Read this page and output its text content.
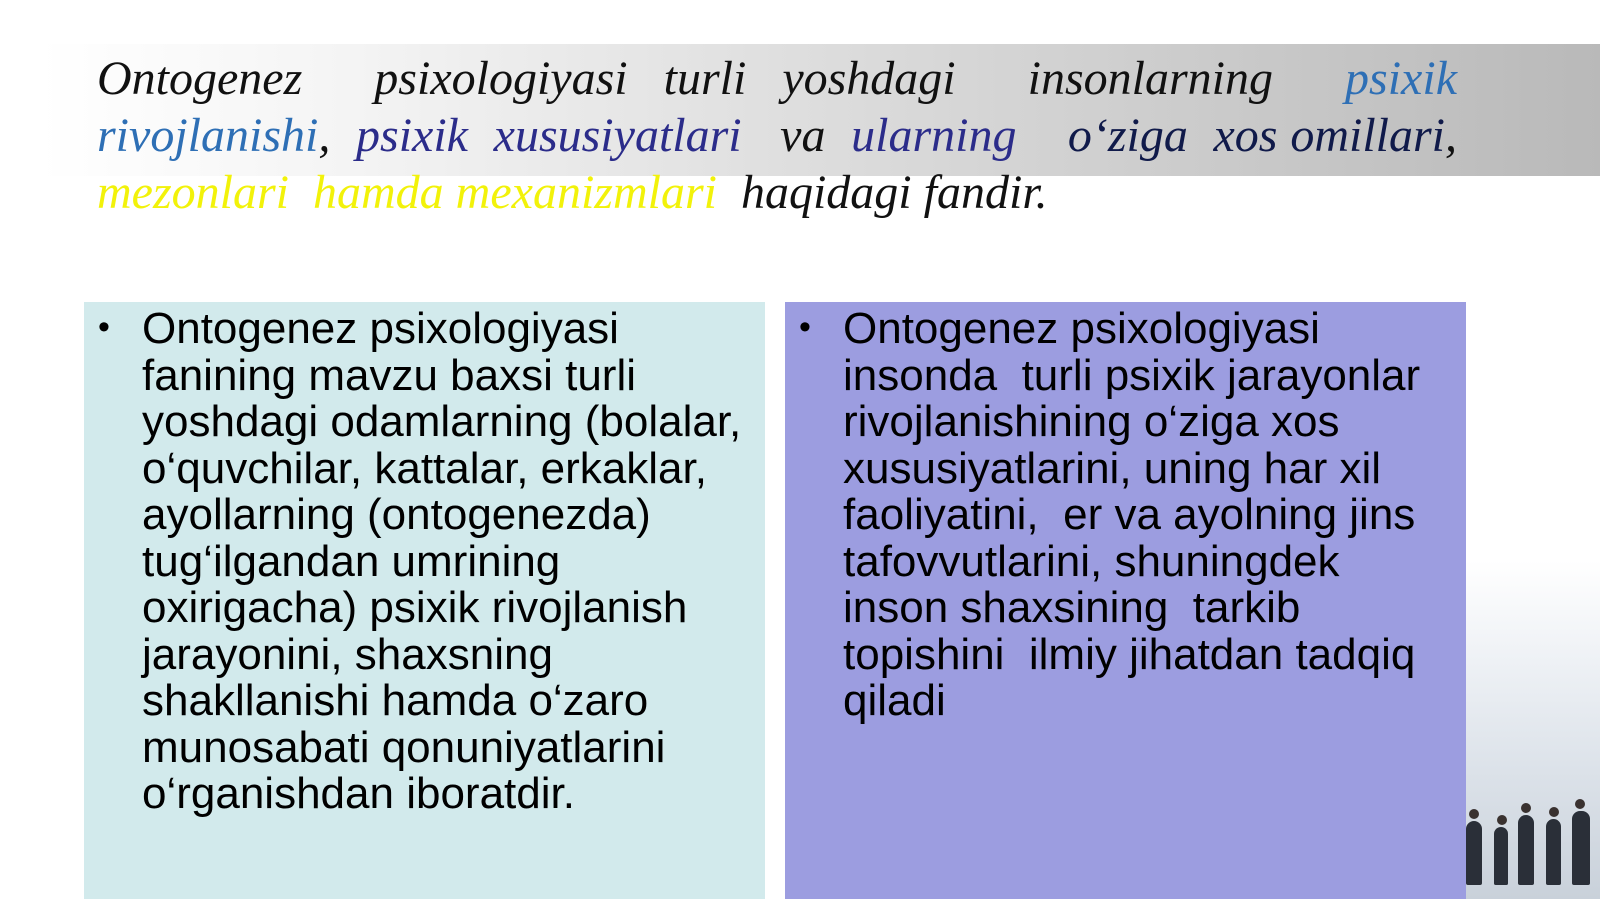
Ontogenez  psixologiyasi turli yoshdagi  insonlarning  psixik rivojlanishi,  psixik  xususiyatlari   va  ularning o‘ziga  xos omillari, mezonlari  hamda mexanizmlari  haqidagi fandir.

• Ontogenez psixologiyasi fanining mavzu baxsi turli yoshdagi odamlarning (bolalar, o‘quvchilar, kattalar, erkaklar, ayollarning (ontogenezda) tug‘ilgandan umrining oxirigacha) psixik rivojlanish jarayonini, shaxsning shakllanishi hamda o‘zaro munosabati qonuniyatlarini o‘rganishdan iboratdir.
• Ontogenez psixologiyasi insonda  turli psixik jarayonlar rivojlanishining o‘ziga xos xususiyatlarini, uning har xil faoliyatini,  er va ayolning jins tafovvutlarini, shuningdek inson shaxsining  tarkib topishini  ilmiy jihatdan tadqiq  qiladi
